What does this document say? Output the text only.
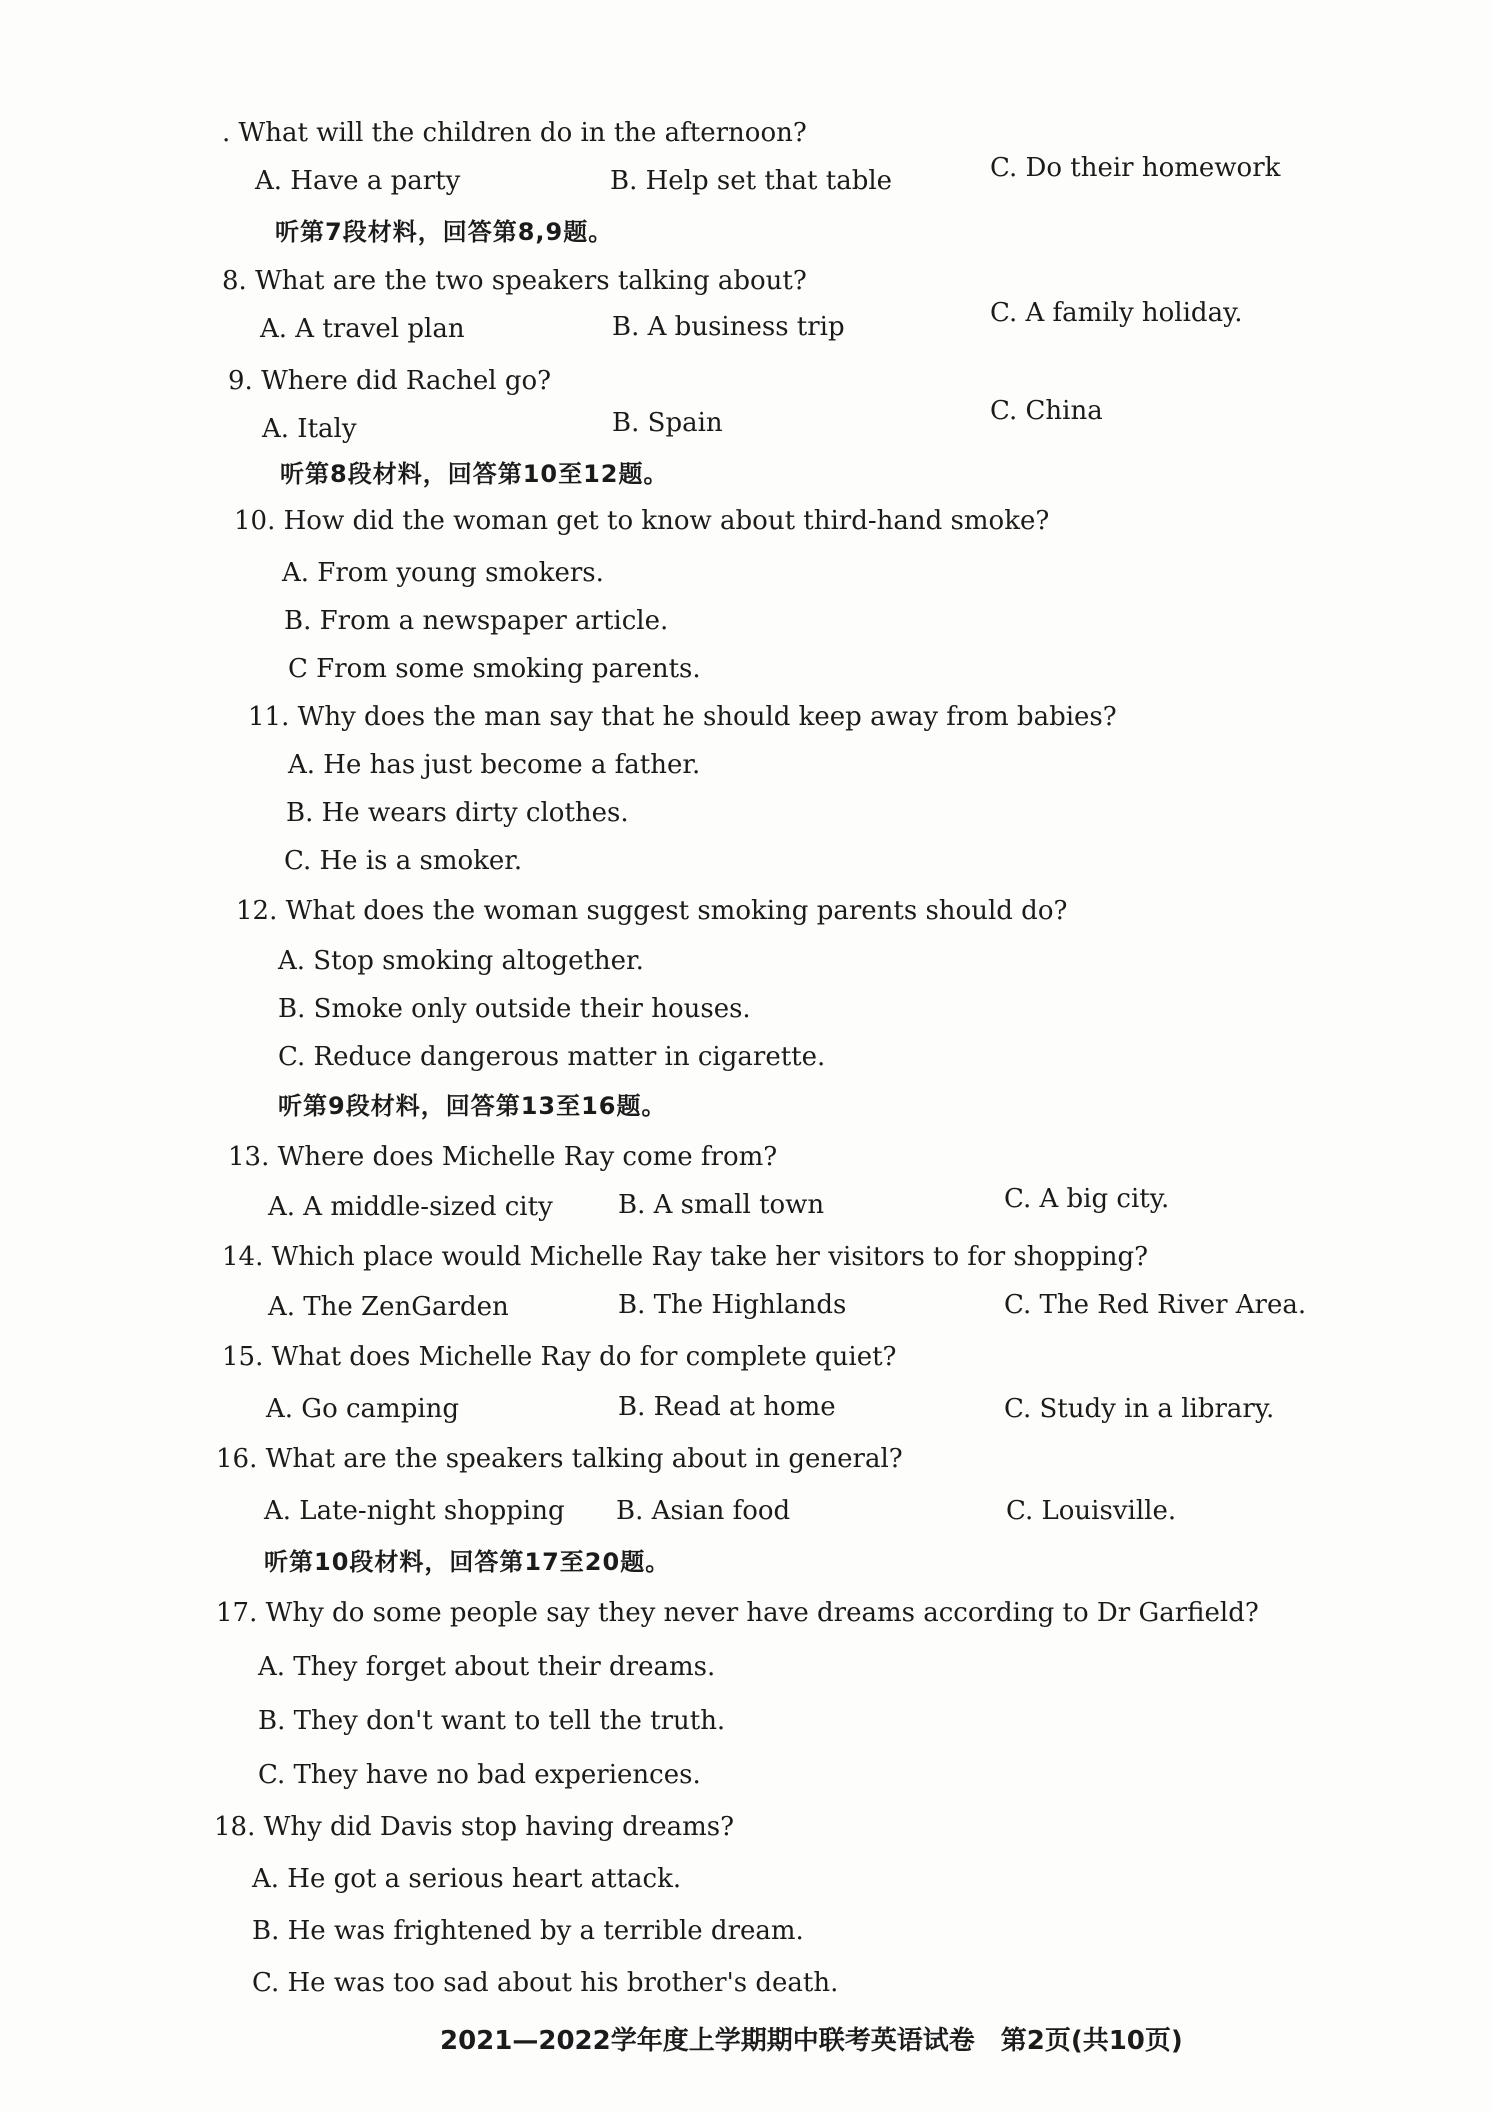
. What will the children do in the afternoon?
A. Have a party	B. Help set that table	C. Do their homework
听第7段材料，回答第8,9题。
8. What are the two speakers talking about?
A. A travel plan	B. A business trip	C. A family holiday.
9. Where did Rachel go?
A. Italy	B. Spain	C. China
听第8段材料，回答第10至12题。
10. How did the woman get to know about third-hand smoke?
A. From young smokers.
B. From a newspaper article.
C From some smoking parents.
11. Why does the man say that he should keep away from babies?
A. He has just become a father.
B. He wears dirty clothes.
C. He is a smoker.
12. What does the woman suggest smoking parents should do?
A. Stop smoking altogether.
B. Smoke only outside their houses.
C. Reduce dangerous matter in cigarette.
听第9段材料，回答第13至16题。
13. Where does Michelle Ray come from?
A. A middle-sized city	B. A small town	C. A big city.
14. Which place would Michelle Ray take her visitors to for shopping?
A. The ZenGarden	B. The Highlands	C. The Red River Area.
15. What does Michelle Ray do for complete quiet?
A. Go camping	B. Read at home	C. Study in a library.
16. What are the speakers talking about in general?
A. Late-night shopping B. Asian food	C. Louisville.
听第10段材料，回答第17至20题。
17. Why do some people say they never have dreams according to Dr Garfield?
A. They forget about their dreams.
B. They don't want to tell the truth.
C. They have no bad experiences.
18. Why did Davis stop having dreams?
A. He got a serious heart attack.
B. He was frightened by a terrible dream.
C. He was too sad about his brother's death.
2021—2022学年度上学期期中联考英语试卷　第2页(共10页)
